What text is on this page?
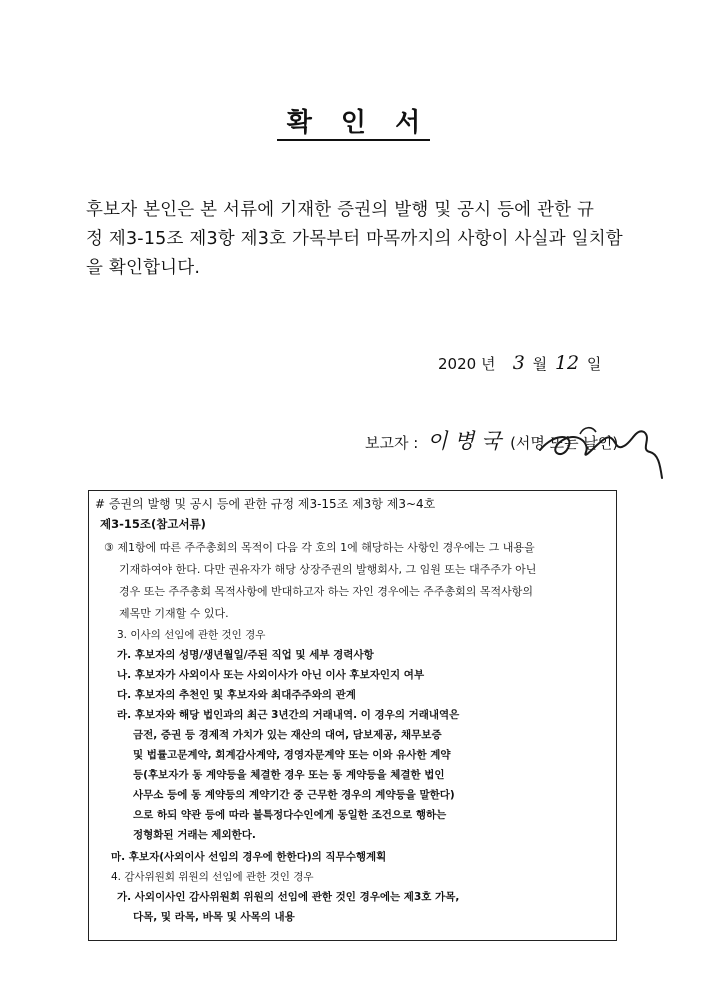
확 인 서
후보자 본인은 본 서류에 기재한 증권의 발행 및 공시 등에 관한 규
정 제3-15조 제3항 제3호 가목부터 마목까지의 사항이 사실과 일치함
을 확인합니다.
2020 년 3 월 12 일
보고자 : 이 병 국 (서명 또는 날인)
# 증권의 발행 및 공시 등에 관한 규정 제3-15조 제3항 제3~4호
제3-15조(참고서류)
③ 제1항에 따른 주주총회의 목적이 다음 각 호의 1에 해당하는 사항인 경우에는 그 내용을
기재하여야 한다. 다만 권유자가 해당 상장주권의 발행회사, 그 임원 또는 대주주가 아닌
경우 또는 주주총회 목적사항에 반대하고자 하는 자인 경우에는 주주총회의 목적사항의
제목만 기재할 수 있다.
3. 이사의 선임에 관한 것인 경우
가. 후보자의 성명/생년월일/주된 직업 및 세부 경력사항
나. 후보자가 사외이사 또는 사외이사가 아닌 이사 후보자인지 여부
다. 후보자의 추천인 및 후보자와 최대주주와의 관계
라. 후보자와 해당 법인과의 최근 3년간의 거래내역. 이 경우의 거래내역은
금전, 증권 등 경제적 가치가 있는 재산의 대여, 담보제공, 채무보증
및 법률고문계약, 회계감사계약, 경영자문계약 또는 이와 유사한 계약
등(후보자가 동 계약등을 체결한 경우 또는 동 계약등을 체결한 법인
사무소 등에 동 계약등의 계약기간 중 근무한 경우의 계약등을 말한다)
으로 하되 약관 등에 따라 불특정다수인에게 동일한 조건으로 행하는
정형화된 거래는 제외한다.
마. 후보자(사외이사 선임의 경우에 한한다)의 직무수행계획
4. 감사위원회 위원의 선임에 관한 것인 경우
가. 사외이사인 감사위원회 위원의 선임에 관한 것인 경우에는 제3호 가목,
다목, 및 라목, 바목 및 사목의 내용
